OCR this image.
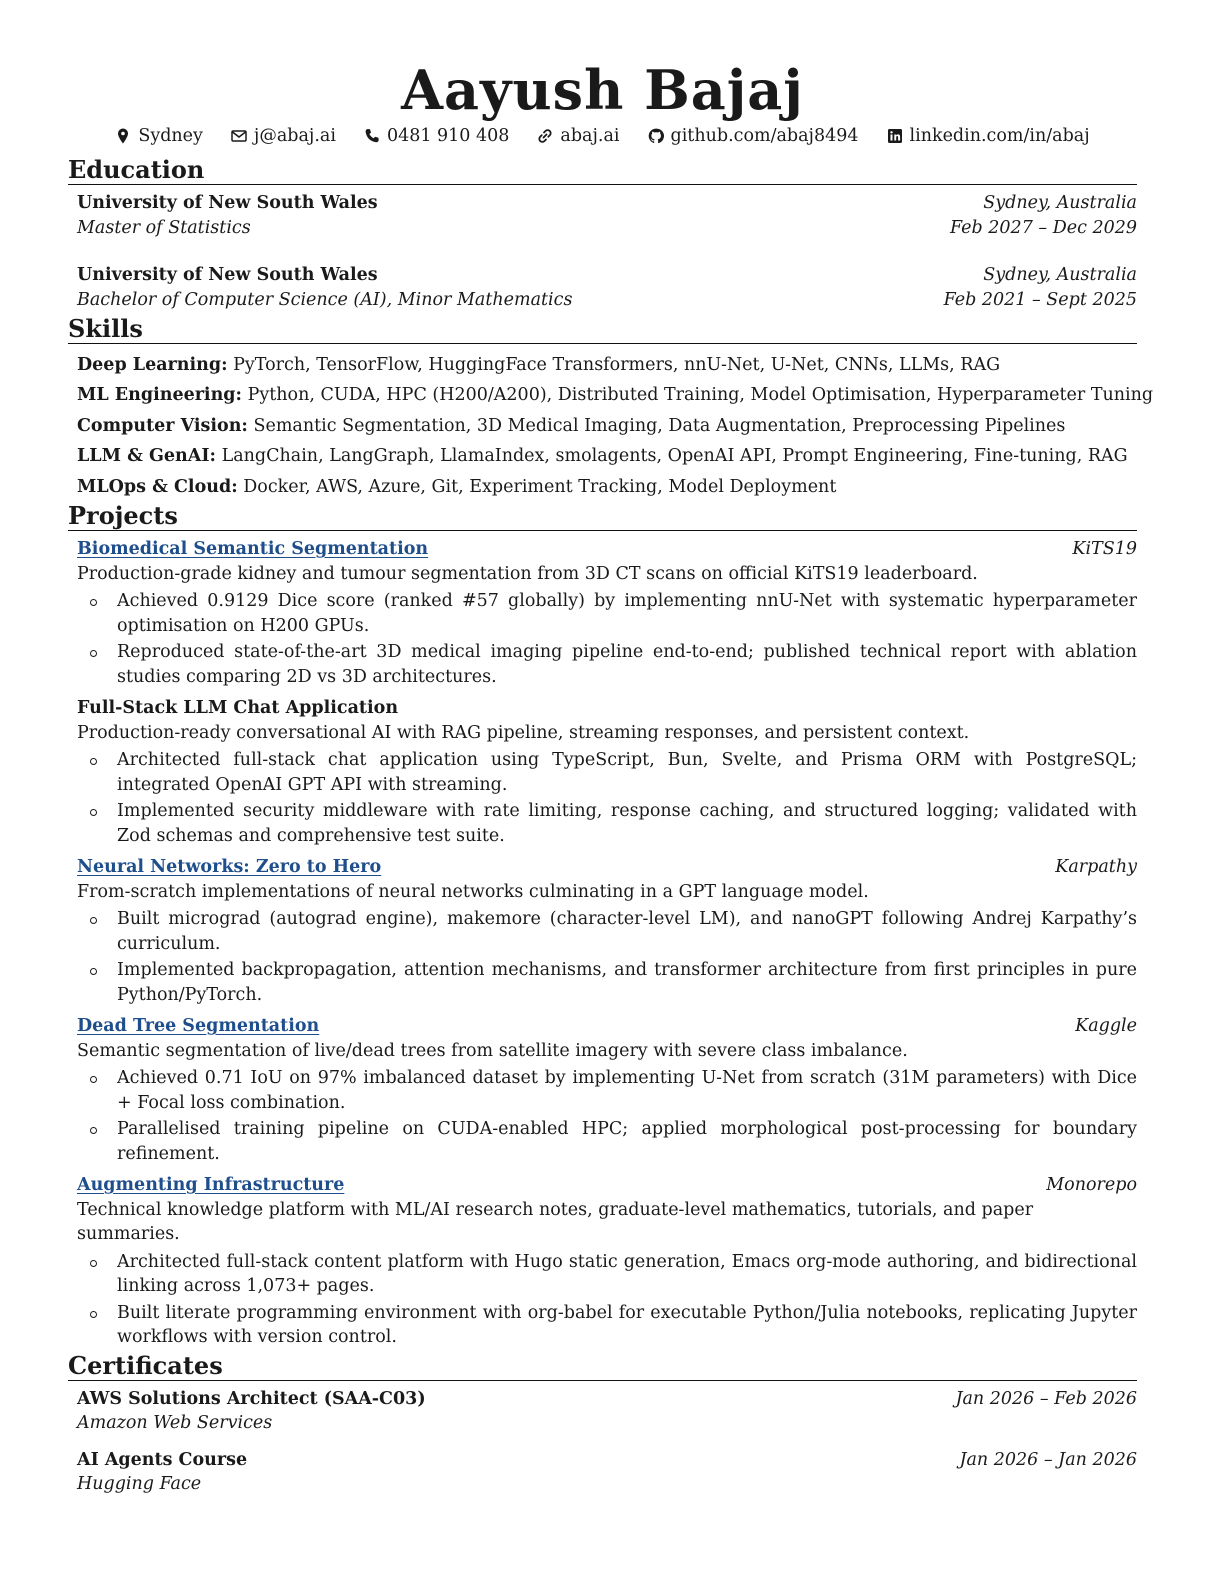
Aayush Bajaj
Sydney	j@abaj.ai	0481 910 408	abaj.ai	github.com/abaj8494	linkedin.com/in/abaj
Education
University of New South Wales	Sydney, Australia
Master of Statistics	Feb 2027 – Dec 2029
University of New South Wales	Sydney, Australia
Bachelor of Computer Science (AI), Minor Mathematics	Feb 2021 – Sept 2025
Skills
Deep Learning: PyTorch, TensorFlow, HuggingFace Transformers, nnU-Net, U-Net, CNNs, LLMs, RAG
ML Engineering: Python, CUDA, HPC (H200/A200), Distributed Training, Model Optimisation, Hyperparameter Tuning
Computer Vision: Semantic Segmentation, 3D Medical Imaging, Data Augmentation, Preprocessing Pipelines
LLM & GenAI: LangChain, LangGraph, LlamaIndex, smolagents, OpenAI API, Prompt Engineering, Fine-tuning, RAG
MLOps & Cloud: Docker, AWS, Azure, Git, Experiment Tracking, Model Deployment
Projects
Biomedical Semantic Segmentation	KiTS19
Production-grade kidney and tumour segmentation from 3D CT scans on official KiTS19 leaderboard.
Achieved 0.9129 Dice score (ranked #57 globally) by implementing nnU-Net with systematic hyperparameter optimisation on H200 GPUs.
Reproduced state-of-the-art 3D medical imaging pipeline end-to-end; published technical report with ablation studies comparing 2D vs 3D architectures.
Full-Stack LLM Chat Application
Production-ready conversational AI with RAG pipeline, streaming responses, and persistent context.
Architected full-stack chat application using TypeScript, Bun, Svelte, and Prisma ORM with PostgreSQL; integrated OpenAI GPT API with streaming.
Implemented security middleware with rate limiting, response caching, and structured logging; validated with Zod schemas and comprehensive test suite.
Neural Networks: Zero to Hero	Karpathy
From-scratch implementations of neural networks culminating in a GPT language model.
Built micrograd (autograd engine), makemore (character-level LM), and nanoGPT following Andrej Karpathy’s curriculum.
Implemented backpropagation, attention mechanisms, and transformer architecture from first principles in pure Python/PyTorch.
Dead Tree Segmentation	Kaggle
Semantic segmentation of live/dead trees from satellite imagery with severe class imbalance.
Achieved 0.71 IoU on 97% imbalanced dataset by implementing U-Net from scratch (31M parameters) with Dice + Focal loss combination.
Parallelised training pipeline on CUDA-enabled HPC; applied morphological post-processing for boundary refinement.
Augmenting Infrastructure	Monorepo
Technical knowledge platform with ML/AI research notes, graduate-level mathematics, tutorials, and paper summaries.
Architected full-stack content platform with Hugo static generation, Emacs org-mode authoring, and bidirectional linking across 1,073+ pages.
Built literate programming environment with org-babel for executable Python/Julia notebooks, replicating Jupyter workflows with version control.
Certificates
AWS Solutions Architect (SAA-C03)	Jan 2026 – Feb 2026
Amazon Web Services
AI Agents Course	Jan 2026 – Jan 2026
Hugging Face
